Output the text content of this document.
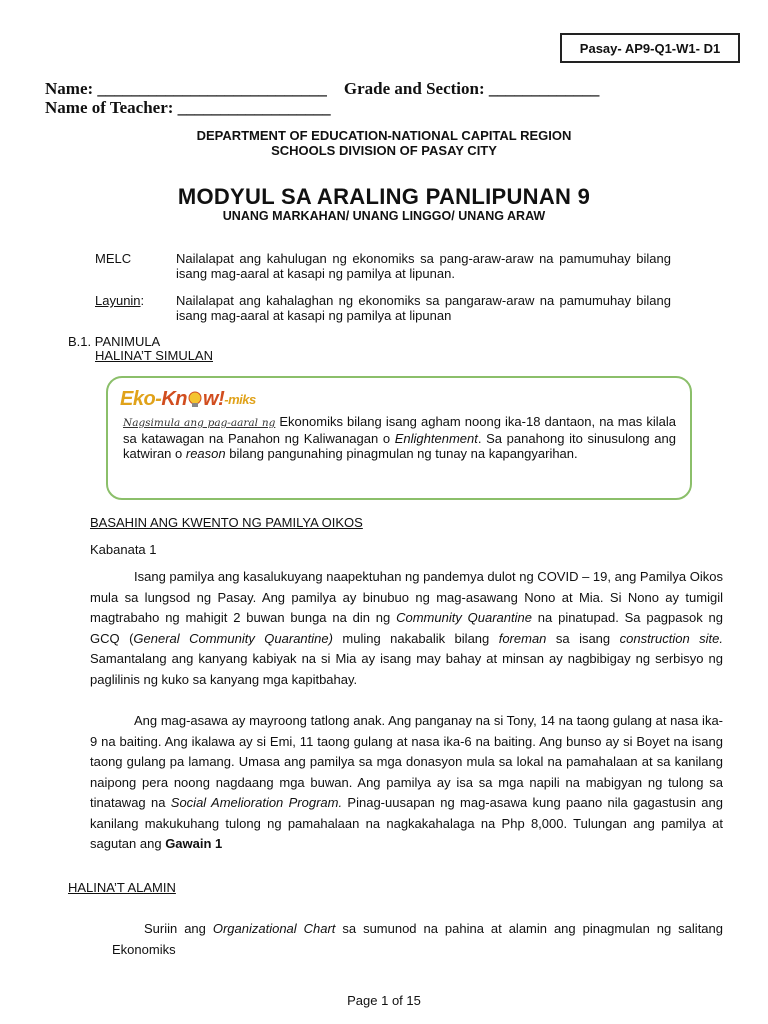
Pasay- AP9-Q1-W1- D1
Name: ___________________________ Grade and Section: _____________
Name of Teacher: __________________
DEPARTMENT OF EDUCATION-NATIONAL CAPITAL REGION
SCHOOLS DIVISION OF PASAY CITY
MODYUL SA ARALING PANLIPUNAN 9
UNANG MARKAHAN/ UNANG LINGGO/ UNANG ARAW
MELC	Nailalapat ang kahulugan ng ekonomiks sa pang-araw-araw na pamumuhay bilang isang mag-aaral at kasapi ng pamilya at lipunan.
Layunin: Nailalapat ang kahalaghan ng ekonomiks sa pangaraw-araw na pamumuhay bilang isang mag-aaral at kasapi ng pamilya at lipunan
B.1. PANIMULA
HALINA’T SIMULAN
Eko- Kn w! -miks
Nagsimula ang pag-aaral ng Ekonomiks bilang isang agham noong ika-18 dantaon, na mas kilala sa katawagan na Panahon ng Kaliwanagan o Enlightenment. Sa panahong ito sinusulong ang katwiran o reason bilang pangunahing pinagmulan ng tunay na kapangyarihan.
BASAHIN ANG KWENTO NG PAMILYA OIKOS
Kabanata 1
Isang pamilya ang kasalukuyang naapektuhan ng pandemya dulot ng COVID – 19, ang Pamilya Oikos mula sa lungsod ng Pasay. Ang pamilya ay binubuo ng mag-asawang Nono at Mia. Si Nono ay tumigil magtrabaho ng mahigit 2 buwan bunga na din ng Community Quarantine na pinatupad. Sa pagpasok ng GCQ (General Community Quarantine) muling nakabalik bilang foreman sa isang construction site. Samantalang ang kanyang kabiyak na si Mia ay isang may bahay at minsan ay nagbibigay ng serbisyo ng paglilinis ng kuko sa kanyang mga kapitbahay.
Ang mag-asawa ay mayroong tatlong anak. Ang panganay na si Tony, 14 na taong gulang at nasa ika-9 na baiting. Ang ikalawa ay si Emi, 11 taong gulang at nasa ika-6 na baiting. Ang bunso ay si Boyet na isang taong gulang pa lamang. Umasa ang pamilya sa mga donasyon mula sa lokal na pamahalaan at sa kanilang naipong pera noong nagdaang mga buwan. Ang pamilya ay isa sa mga napili na mabigyan ng tulong sa tinatawag na Social Amelioration Program. Pinag-uusapan ng mag-asawa kung paano nila gagastusin ang kanilang makukuhang tulong ng pamahalaan na nagkakahalaga na Php 8,000. Tulungan ang pamilya at sagutan ang Gawain 1
HALINA’T ALAMIN
Suriin ang Organizational Chart sa sumunod na pahina at alamin ang pinagmulan ng salitang Ekonomiks
Page 1 of 15
